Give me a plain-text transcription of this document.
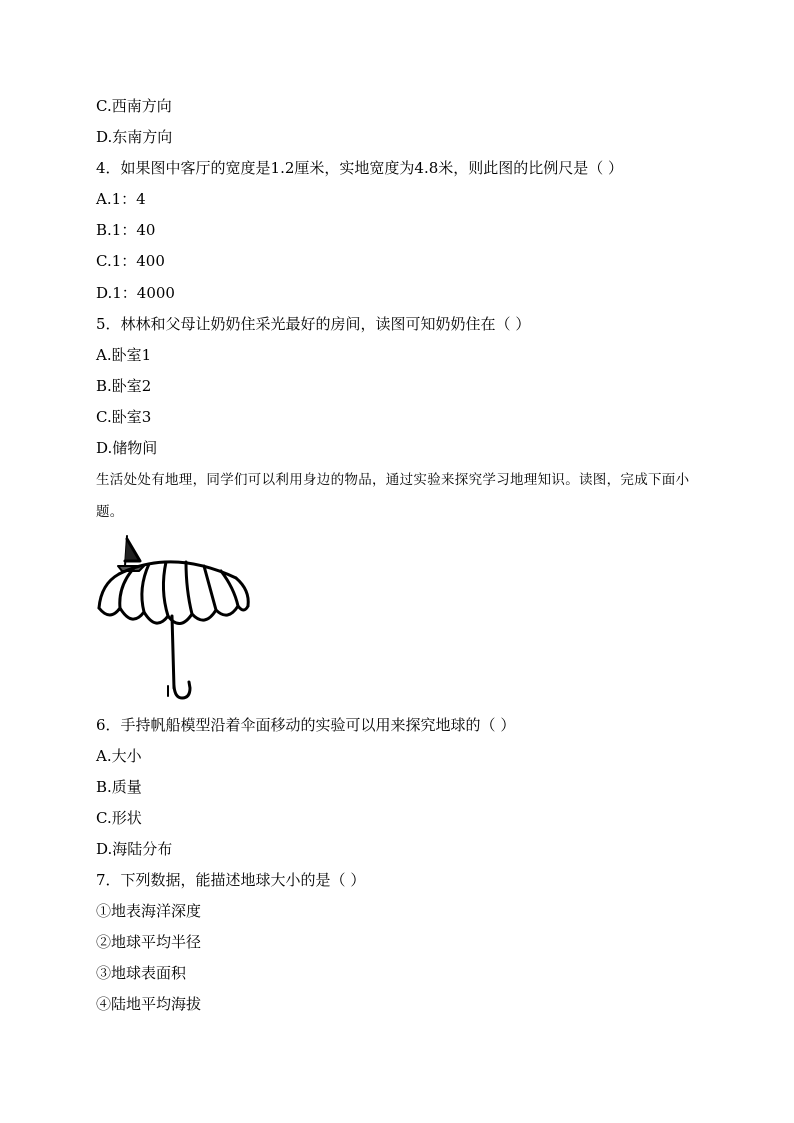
C.西南方向
D.东南方向
4．如果图中客厅的宽度是1.2厘米，实地宽度为4.8米，则此图的比例尺是（ ）
A.1：4
B.1：40
C.1：400
D.1：4000
5．林林和父母让奶奶住采光最好的房间，读图可知奶奶住在（ ）
A.卧室1
B.卧室2
C.卧室3
D.储物间
生活处处有地理，同学们可以利用身边的物品，通过实验来探究学习地理知识。读图，完成下面小题。
6．手持帆船模型沿着伞面移动的实验可以用来探究地球的（ ）
A.大小
B.质量
C.形状
D.海陆分布
7．下列数据，能描述地球大小的是（ ）
①地表海洋深度
②地球平均半径
③地球表面积
④陆地平均海拔
